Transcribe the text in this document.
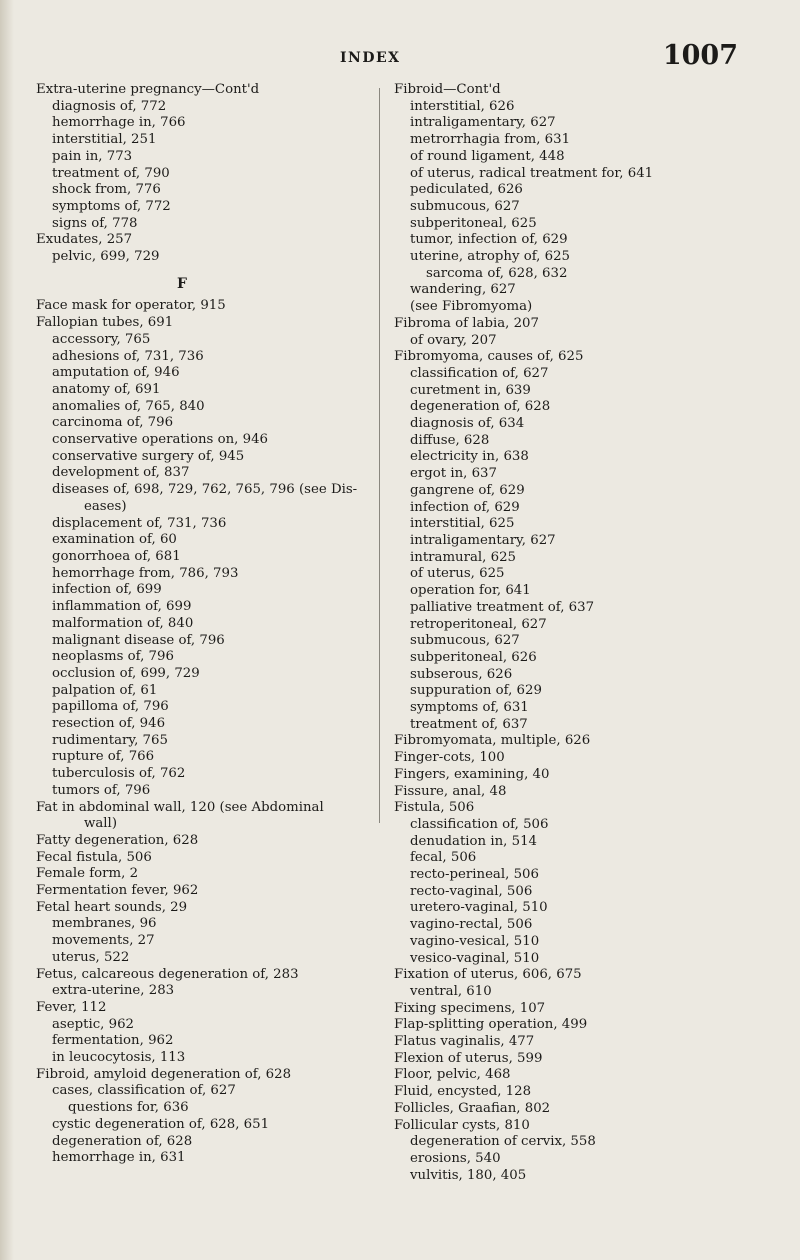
INDEX	1007
Extra-uterine pregnancy—Cont'd
diagnosis of, 772
hemorrhage in, 766
interstitial, 251
pain in, 773
treatment of, 790
shock from, 776
symptoms of, 772
signs of, 778
Exudates, 257
pelvic, 699, 729
F
Face mask for operator, 915
Fallopian tubes, 691
accessory, 765
adhesions of, 731, 736
amputation of, 946
anatomy of, 691
anomalies of, 765, 840
carcinoma of, 796
conservative operations on, 946
conservative surgery of, 945
development of, 837
diseases of, 698, 729, 762, 765, 796 (see Dis-
eases)
displacement of, 731, 736
examination of, 60
gonorrhoea of, 681
hemorrhage from, 786, 793
infection of, 699
inflammation of, 699
malformation of, 840
malignant disease of, 796
neoplasms of, 796
occlusion of, 699, 729
palpation of, 61
papilloma of, 796
resection of, 946
rudimentary, 765
rupture of, 766
tuberculosis of, 762
tumors of, 796
Fat in abdominal wall, 120 (see Abdominal
wall)
Fatty degeneration, 628
Fecal fistula, 506
Female form, 2
Fermentation fever, 962
Fetal heart sounds, 29
membranes, 96
movements, 27
uterus, 522
Fetus, calcareous degeneration of, 283
extra-uterine, 283
Fever, 112
aseptic, 962
fermentation, 962
in leucocytosis, 113
Fibroid, amyloid degeneration of, 628
cases, classification of, 627
questions for, 636
cystic degeneration of, 628, 651
degeneration of, 628
hemorrhage in, 631
Fibroid—Cont'd
interstitial, 626
intraligamentary, 627
metrorrhagia from, 631
of round ligament, 448
of uterus, radical treatment for, 641
pediculated, 626
submucous, 627
subperitoneal, 625
tumor, infection of, 629
uterine, atrophy of, 625
sarcoma of, 628, 632
wandering, 627
(see Fibromyoma)
Fibroma of labia, 207
of ovary, 207
Fibromyoma, causes of, 625
classification of, 627
curetment in, 639
degeneration of, 628
diagnosis of, 634
diffuse, 628
electricity in, 638
ergot in, 637
gangrene of, 629
infection of, 629
interstitial, 625
intraligamentary, 627
intramural, 625
of uterus, 625
operation for, 641
palliative treatment of, 637
retroperitoneal, 627
submucous, 627
subperitoneal, 626
subserous, 626
suppuration of, 629
symptoms of, 631
treatment of, 637
Fibromyomata, multiple, 626
Finger-cots, 100
Fingers, examining, 40
Fissure, anal, 48
Fistula, 506
classification of, 506
denudation in, 514
fecal, 506
recto-perineal, 506
recto-vaginal, 506
uretero-vaginal, 510
vagino-rectal, 506
vagino-vesical, 510
vesico-vaginal, 510
Fixation of uterus, 606, 675
ventral, 610
Fixing specimens, 107
Flap-splitting operation, 499
Flatus vaginalis, 477
Flexion of uterus, 599
Floor, pelvic, 468
Fluid, encysted, 128
Follicles, Graafian, 802
Follicular cysts, 810
degeneration of cervix, 558
erosions, 540
vulvitis, 180, 405
